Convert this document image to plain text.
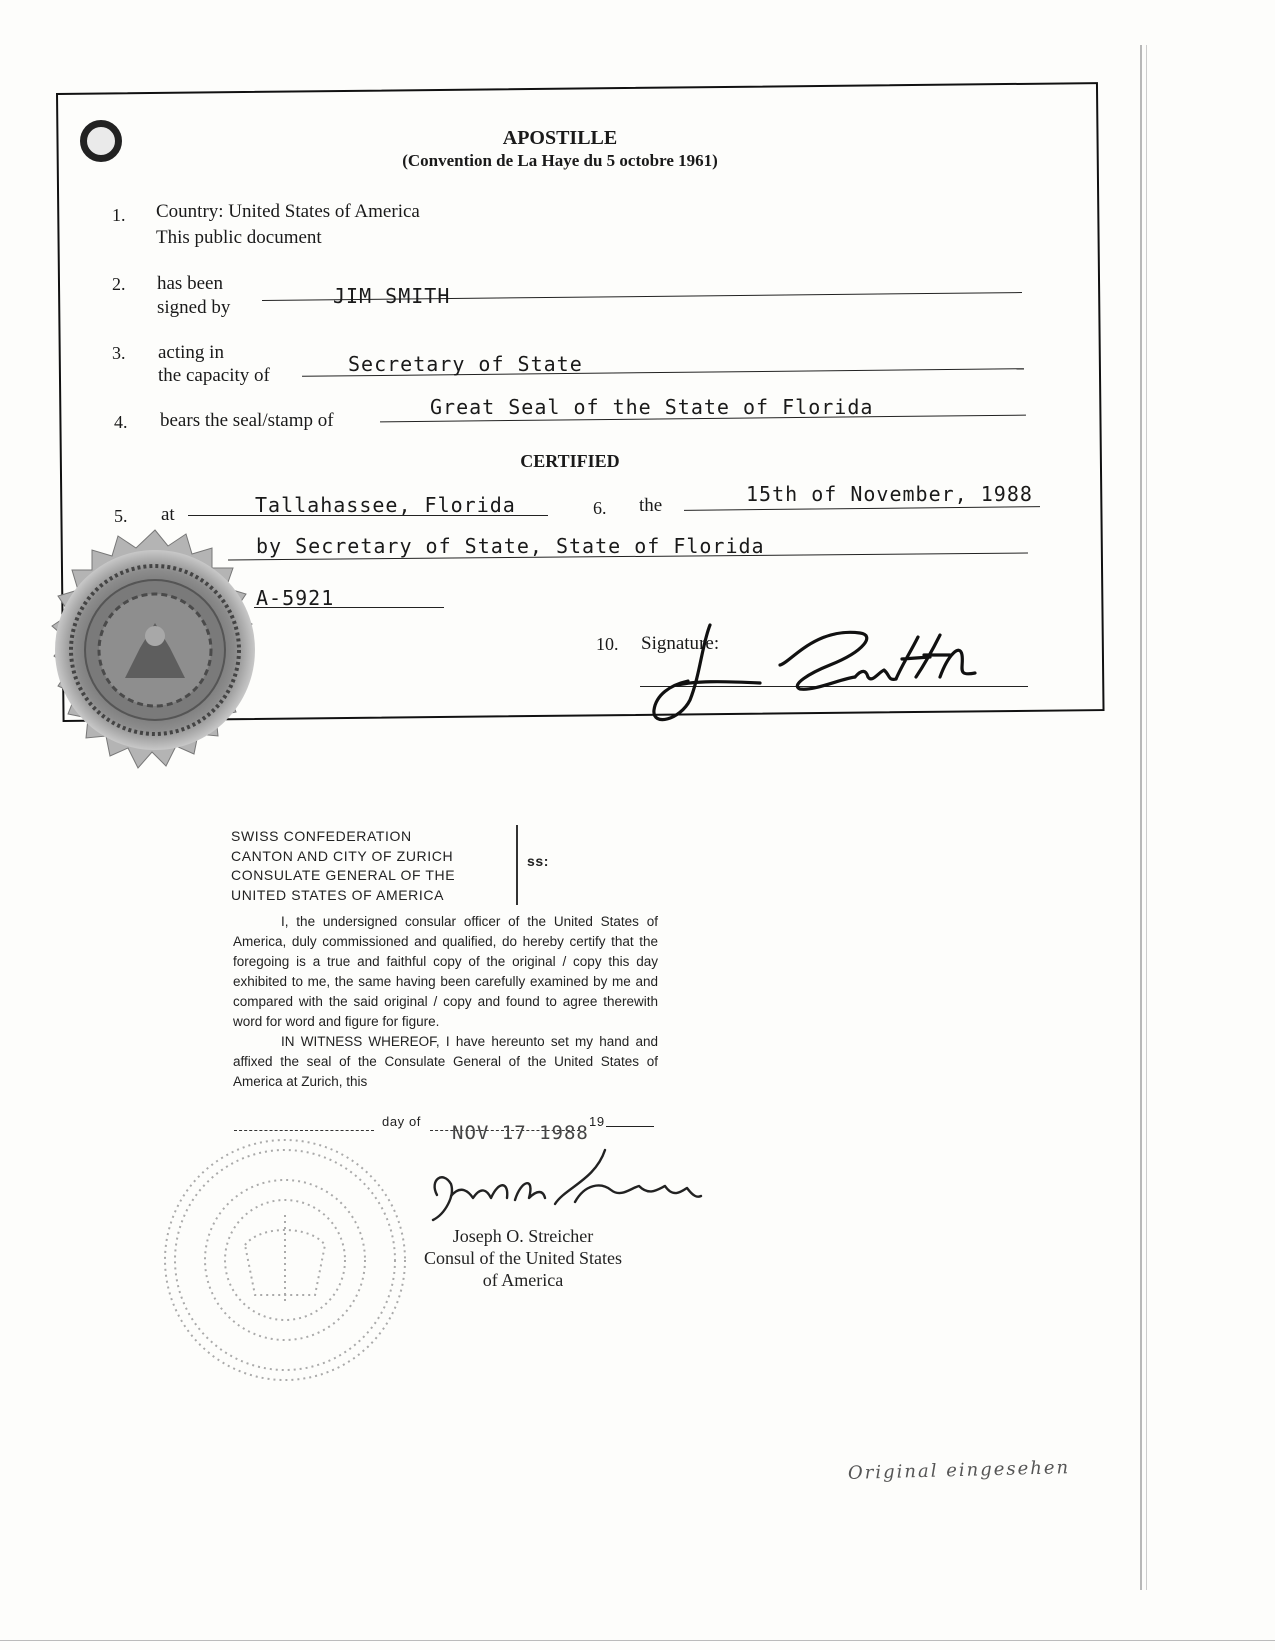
APOSTILLE
(Convention de La Haye du 5 octobre 1961)
1. Country: United States of America
This public document
2. has been
signed by	JIM SMITH
3. acting in
the capacity of	Secretary of State
4. bears the seal/stamp of
Great Seal of the State of Florida
CERTIFIED
5. at	Tallahassee, Florida	6. the	15th of November, 1988
by Secretary of State, State of Florida
A-5921
10. Signature:
SWISS CONFEDERATION
CANTON AND CITY OF ZURICH
CONSULATE GENERAL OF THE
UNITED STATES OF AMERICA
ss:
I, the undersigned consular officer of the United States of America, duly commissioned and qualified, do hereby certify that the foregoing is a true and faithful copy of the original / copy this day exhibited to me, the same having been carefully examined by me and compared with the said original / copy and found to agree therewith word for word and figure for figure.
IN WITNESS WHEREOF, I have hereunto set my hand and affixed the seal of the Consulate General of the United States of America at Zurich, this
day of
NOV 17 1988
19
Joseph O. Streicher
Consul of the United States
of America
Original eingesehen
